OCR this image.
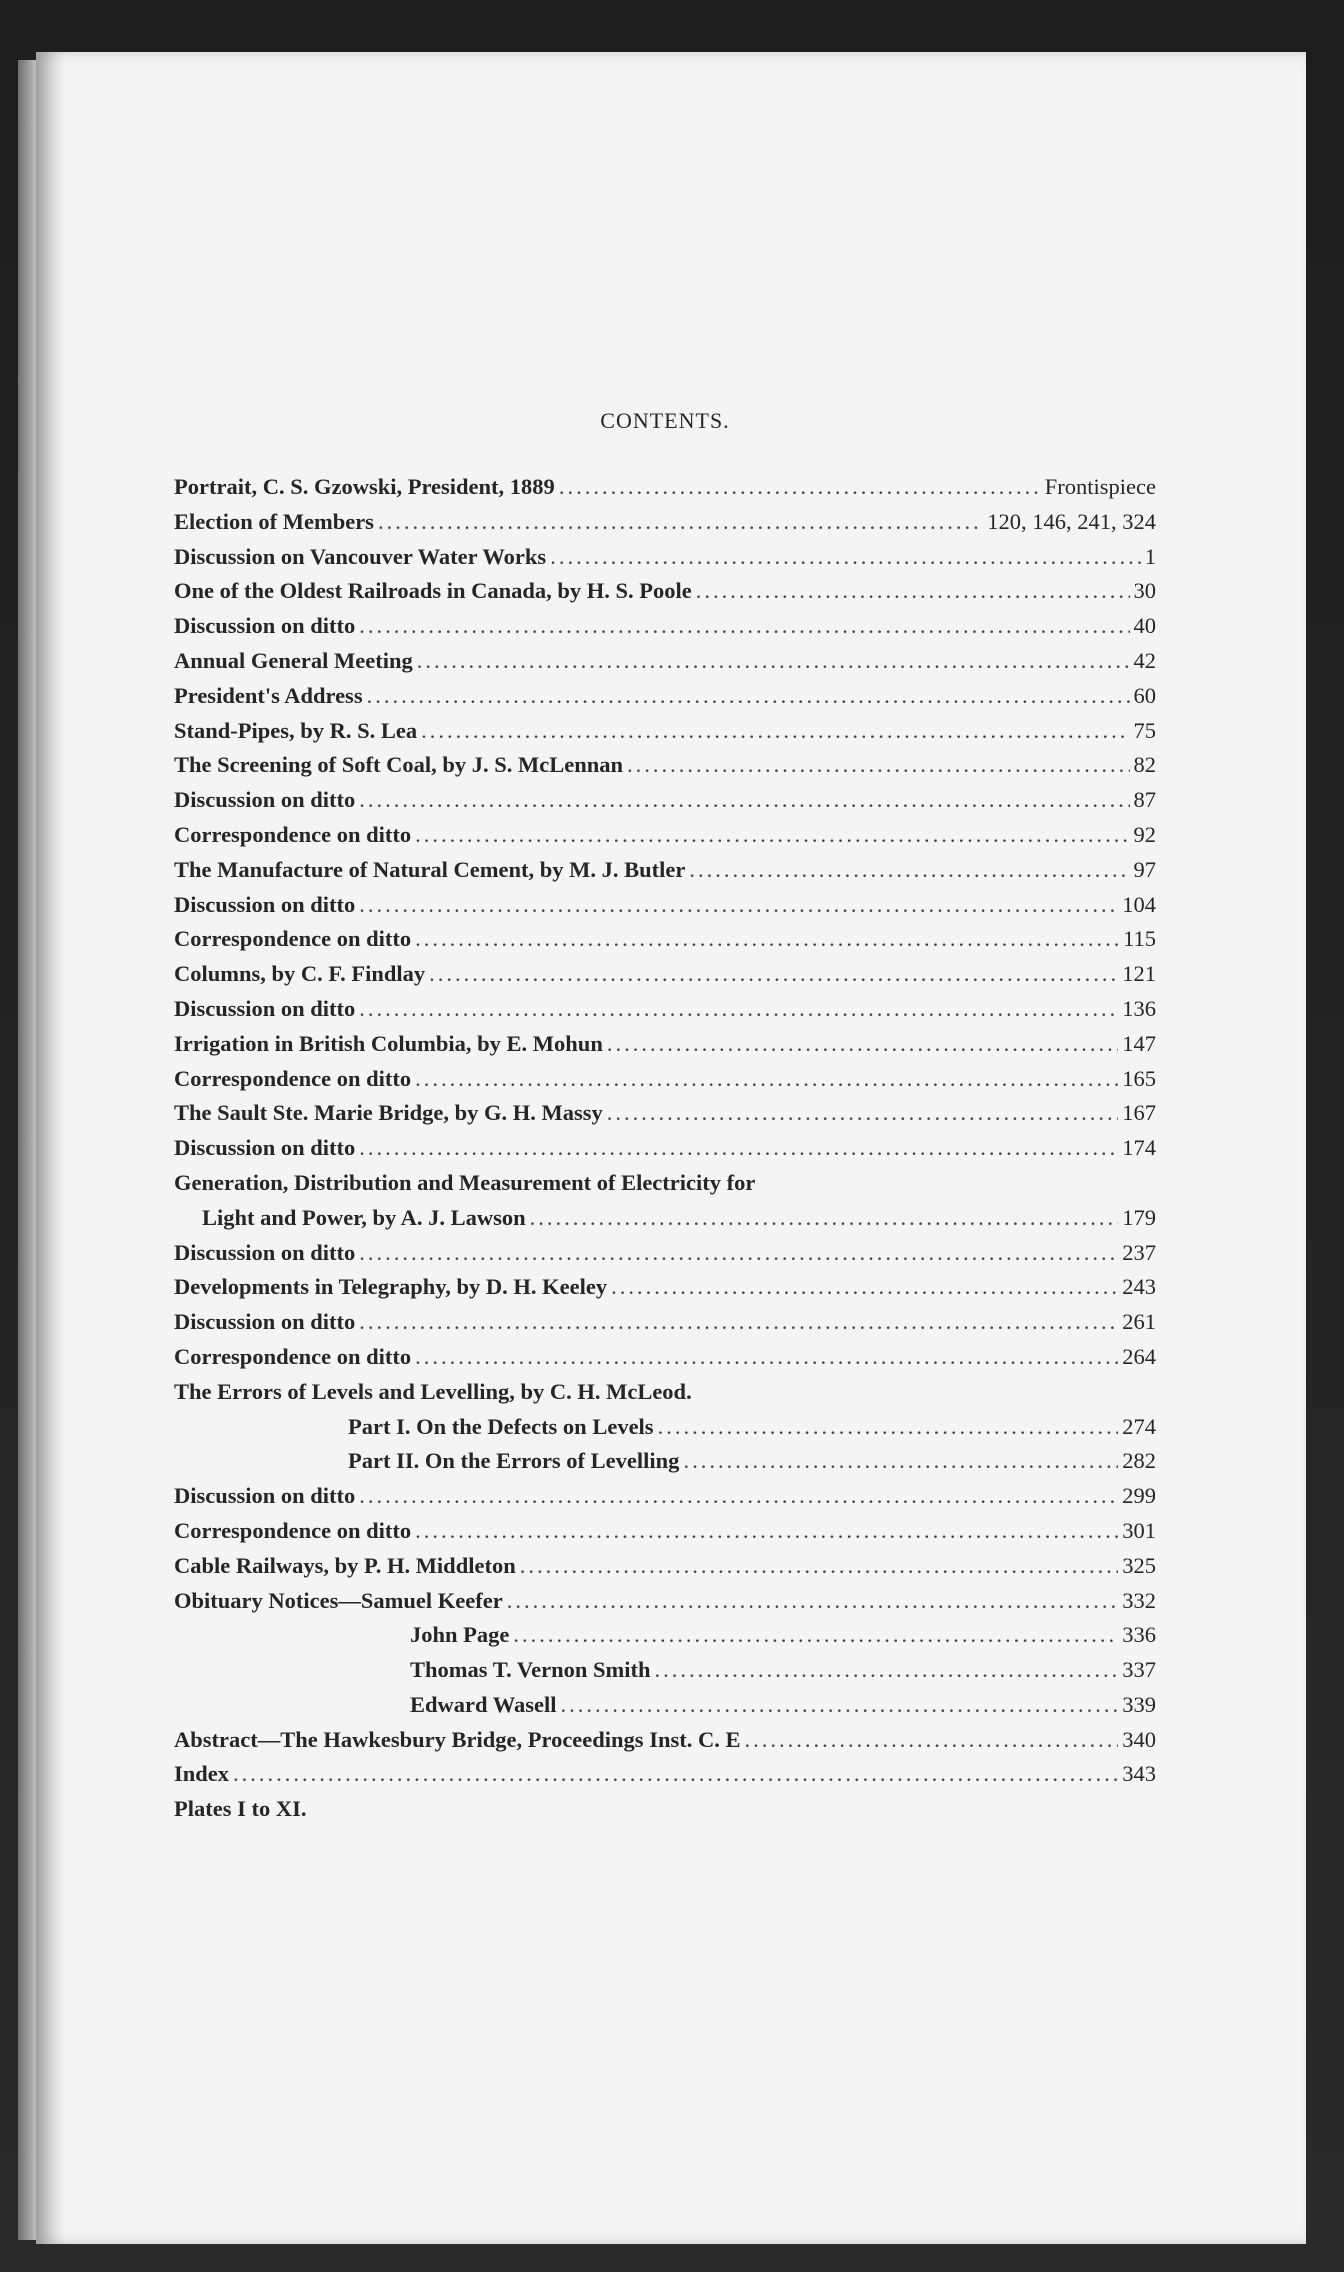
CONTENTS.
Portrait, C. S. Gzowski, President, 1889 .....	Frontispiece
Election of Members .....	120, 146, 241, 324
Discussion on Vancouver Water Works .....	1
One of the Oldest Railroads in Canada, by H. S. Poole .....	30
Discussion on ditto .....	40
Annual General Meeting .....	42
President's Address .....	60
Stand-Pipes, by R. S. Lea .....	75
The Screening of Soft Coal, by J. S. McLennan .....	82
Discussion on ditto .....	87
Correspondence on ditto .....	92
The Manufacture of Natural Cement, by M. J. Butler .....	97
Discussion on ditto .....	104
Correspondence on ditto .....	115
Columns, by C. F. Findlay .....	121
Discussion on ditto .....	136
Irrigation in British Columbia, by E. Mohun .....	147
Correspondence on ditto .....	165
The Sault Ste. Marie Bridge, by G. H. Massy .....	167
Discussion on ditto .....	174
Generation, Distribution and Measurement of Electricity for
Light and Power, by A. J. Lawson .....	179
Discussion on ditto .....	237
Developments in Telegraphy, by D. H. Keeley .....	243
Discussion on ditto .....	261
Correspondence on ditto .....	264
The Errors of Levels and Levelling, by C. H. McLeod.
Part I. On the Defects on Levels .....	274
Part II. On the Errors of Levelling .....	282
Discussion on ditto .....	299
Correspondence on ditto .....	301
Cable Railways, by P. H. Middleton .....	325
Obituary Notices—Samuel Keefer .....	332
John Page .....	336
Thomas T. Vernon Smith .....	337
Edward Wasell .....	339
Abstract—The Hawkesbury Bridge, Proceedings Inst. C. E .....	340
Index .....	343
Plates I to XI.
